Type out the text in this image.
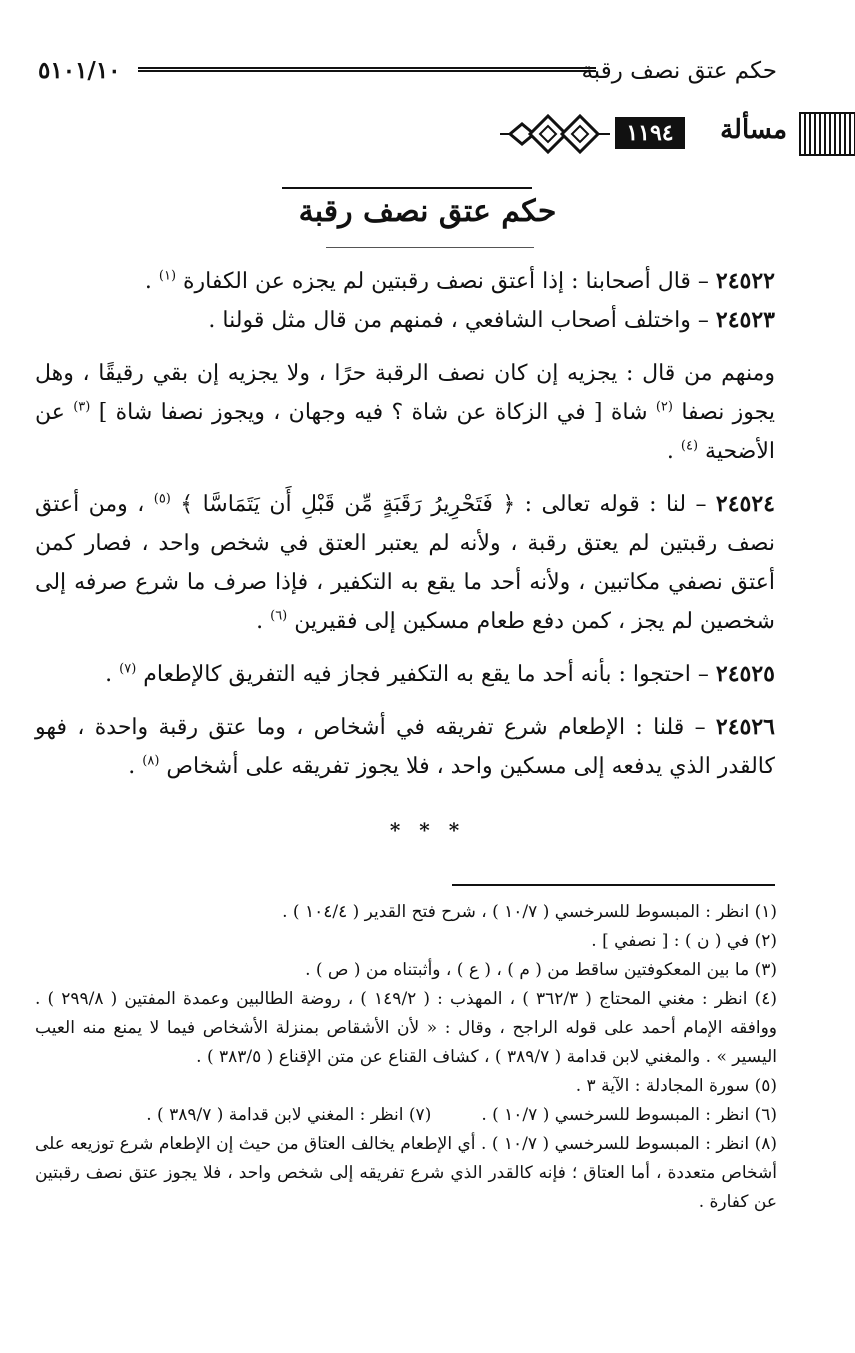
حكم عتق نصف رقبة
٥١٠١/١٠
مسألة
١١٩٤
حكم عتق نصف رقبة

٢٤٥٢٢ – قال أصحابنا : إذا أعتق نصف رقبتين لم يجزه عن الكفارة $^{(١)}$ .

٢٤٥٢٣ – واختلف أصحاب الشافعي ، فمنهم من قال مثل قولنا .

ومنهم من قال : يجزيه إن كان نصف الرقبة حرًا ، ولا يجزيه إن بقي رقيقًا ، وهل يجوز نصفا $^{(٢)}$ شاة [ في الزكاة عن شاة ؟ فيه وجهان ، ويجوز نصفا شاة ] $^{(٣)}$ عن الأضحية $^{(٤)}$ .

٢٤٥٢٤ – لنا : قوله تعالى : ﴿ فَتَحْرِيرُ رَقَبَةٍ مِّن قَبْلِ أَن يَتَمَاسَّا ﴾ $^{(٥)}$ ، ومن أعتق نصف رقبتين لم يعتق رقبة ، ولأنه لم يعتبر العتق في شخص واحد ، فصار كمن أعتق نصفي مكاتبين ، ولأنه أحد ما يقع به التكفير ، فإذا صرف ما شرع صرفه إلى شخصين لم يجز ، كمن دفع طعام مسكين إلى فقيرين $^{(٦)}$ .

٢٤٥٢٥ – احتجوا : بأنه أحد ما يقع به التكفير فجاز فيه التفريق كالإطعام $^{(٧)}$ .

٢٤٥٢٦ – قلنا : الإطعام شرع تفريقه في أشخاص ، وما عتق رقبة واحدة ، فهو كالقدر الذي يدفعه إلى مسكين واحد ، فلا يجوز تفريقه على أشخاص $^{(٨)}$ .

* * *

(١) انظر : المبسوط للسرخسي ( ١٠/٧ ) ، شرح فتح القدير ( ١٠٤/٤ ) .

(٢) في ( ن ) : [ نصفي ] .

(٣) ما بين المعكوفتين ساقط من ( م ) ، ( ع ) ، وأثبتناه من ( ص ) .

(٤) انظر : مغني المحتاج ( ٣٦٢/٣ ) ، المهذب : ( ١٤٩/٢ ) ، روضة الطالبين وعمدة المفتين ( ٢٩٩/٨ ) . ووافقه الإمام أحمد على قوله الراجح ، وقال : « لأن الأشقاص بمنزلة الأشخاص فيما لا يمنع منه العيب اليسير » . والمغني لابن قدامة ( ٣٨٩/٧ ) ، كشاف القناع عن متن الإقناع ( ٣٨٣/٥ ) .

(٥) سورة المجادلة : الآية ٣ .

(٦) انظر : المبسوط للسرخسي ( ١٠/٧ ) .
(٧) انظر : المغني لابن قدامة ( ٣٨٩/٧ ) .

(٨) انظر : المبسوط للسرخسي ( ١٠/٧ ) . أي الإطعام يخالف العتاق من حيث إن الإطعام شرع توزيعه على أشخاص متعددة ، أما العتاق ؛ فإنه كالقدر الذي شرع تفريقه إلى شخص واحد ، فلا يجوز عتق نصف رقبتين عن كفارة .
